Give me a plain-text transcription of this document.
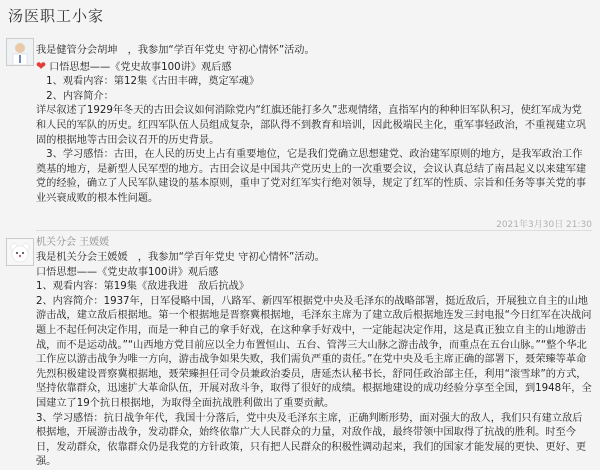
汤医职工小家

我是健管分会胡坤　，我参加“学百年党史 守初心情怀”活动。

❤ 口悟思想——《党史故事100讲》观后感

　1、观看内容：第12集《古田丰碑，奠定军魂》

　2、内容简介：

详尽叙述了1929年冬天的古田会议如何消除党内“红旗还能打多久”悲观情绪，直指军内的种种旧军队积习，使红军成为党和人民的军队的历史。红四军队伍人员组成复杂，部队得不到教育和培训，因此极端民主化，重军事轻政治，不重视建立巩固的根据地等古田会议召开的历史背景。

　3、学习感悟：古田，在人民的历史上占有重要地位，它是我们党确立思想建党、政治建军原则的地方，是我军政治工作奠基的地方，是新型人民军型的地方。古田会议是中国共产党历史上的一次重要会议，会议认真总结了南昌起义以来建军建党的经验，确立了人民军队建设的基本原则，重申了党对红军实行绝对领导，规定了红军的性质、宗旨和任务等事关党的事业兴衰成败的根本性问题。

2021年3月30日 21:30
机关分会 王媛媛

我是机关分会王媛媛　，我参加“学百年党史 守初心情怀”活动。

口悟思想——《党史故事100讲》观后感

1、观看内容：第19集《敌进我进　敌后抗战》

2、内容简介：1937年，日军侵略中国，八路军、新四军根据党中央及毛泽东的战略部署，挺近敌后，开展独立自主的山地游击战，建立敌后根据地。第一个根据地是晋察冀根据地，毛泽东主席为了建立敌后根据地连发三封电报“今日红军在决战问题上不起任何决定作用，而是一种自己的拿手好戏，在这种拿手好戏中，一定能起决定作用，这是真正独立自主的山地游击战，而不是运动战。”“山西地方党目前应以全力布置恒山、五台、管涔三大山脉之游击战争，而重点在五台山脉。”“整个华北工作应以游击战争为唯一方向，游击战争如果失败，我们需负严重的责任。”在党中央及毛主席正确的部署下，聂荣臻等革命先烈积极建设晋察冀根据地，聂荣臻担任司令员兼政治委员，唐延杰认秘书长，舒同任政治部主任，利用“滚雪球”的方式，坚持依靠群众，迅速扩大革命队伍，开展对敌斗争，取得了很好的成绩。根据地建设的成功经验分享至全国，到1948年，全国建立了19个抗日根据地，为取得全面抗战胜利做出了重要贡献。

3、学习感悟：抗日战争年代，我国十分落后，党中央及毛泽东主席，正确判断形势，面对强大的敌人，我们只有建立敌后根据地，开展游击战争，发动群众，始终依靠广大人民群众的力量，对敌作战，最终带领中国取得了抗战的胜利。时至今日，发动群众，依靠群众仍是我党的方针政策，只有把人民群众的积极性调动起来，我们的国家才能发展的更快、更好、更强。
